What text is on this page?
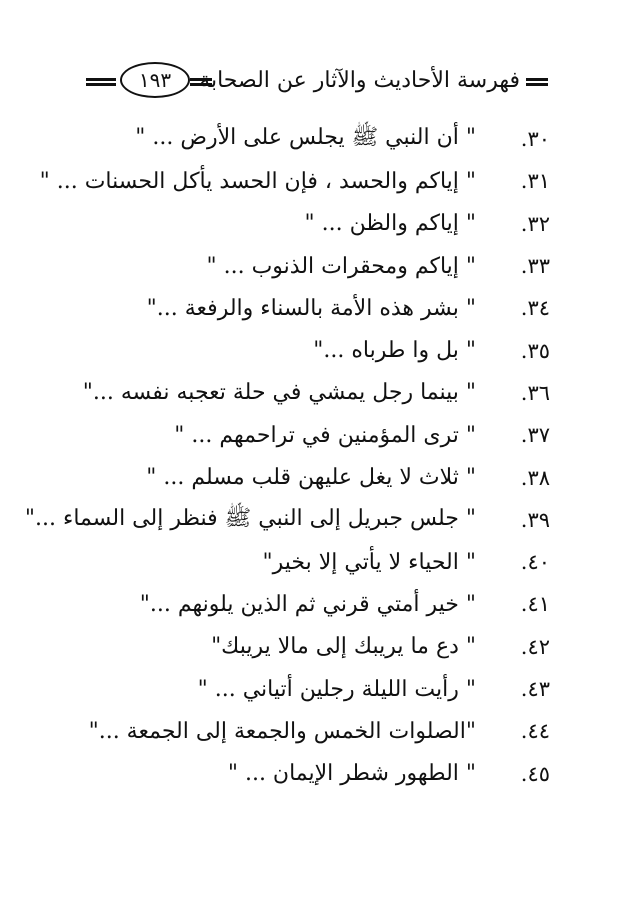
فهرسة الأحاديث والآثار عن الصحابة
١٩٣
٣٠.
" أن النبي ﷺ يجلس على الأرض ... "
٣١.
" إياكم والحسد ، فإن الحسد يأكل الحسنات ... "
٣٢.
" إياكم والظن ... "
٣٣.
" إياكم ومحقرات الذنوب ... "
٣٤.
" بشر هذه الأمة بالسناء والرفعة ..."
٣٥.
" بل وا طرباه ..."
٣٦.
" بينما رجل يمشي في حلة تعجبه نفسه ..."
٣٧.
" ترى المؤمنين في تراحمهم ... "
٣٨.
" ثلاث لا يغل عليهن قلب مسلم ... "
٣٩.
" جلس جبريل إلى النبي ﷺ فنظر إلى السماء ..."
٤٠.
" الحياء لا يأتي إلا بخير"
٤١.
" خير أمتي قرني ثم الذين يلونهم ..."
٤٢.
" دع ما يريبك إلى مالا يريبك"
٤٣.
" رأيت الليلة رجلين أتياني ... "
٤٤.
"الصلوات الخمس والجمعة إلى الجمعة ..."
٤٥.
" الطهور شطر الإيمان ... "
